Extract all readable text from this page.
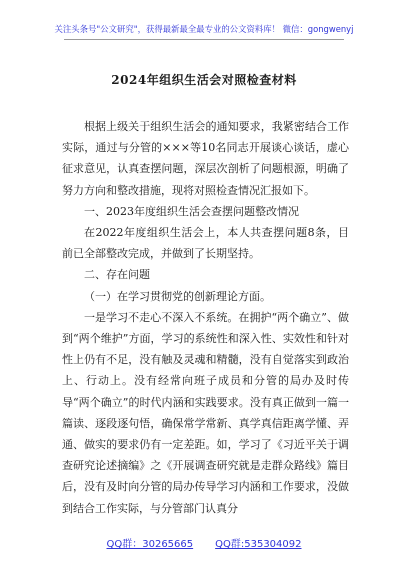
关注头条号"公文研究"，获得最新最全最专业的公文资料库！ 微信：gongwenyj
2024年组织生活会对照检查材料

根据上级关于组织生活会的通知要求，我紧密结合工作实际，通过与分管的×××等10名同志开展谈心谈话，虚心征求意见，认真查摆问题，深层次剖析了问题根源，明确了努力方向和整改措施，现将对照检查情况汇报如下。

一、2023年度组织生活会查摆问题整改情况

在2022年度组织生活会上，本人共查摆问题8条，目前已全部整改完成，并做到了长期坚持。

二、存在问题

（一）在学习贯彻党的创新理论方面。

一是学习不走心不深入不系统。在拥护“两个确立”、做到“两个维护”方面，学习的系统性和深入性、实效性和针对性上仍有不足，没有触及灵魂和精髓，没有自觉落实到政治上、行动上。没有经常向班子成员和分管的局办及时传导“两个确立”的时代内涵和实践要求。没有真正做到一篇一篇读、逐段逐句悟，确保常学常新、真学真信距离学懂、弄通、做实的要求仍有一定差距。如，学习了《习近平关于调查研究论述摘编》之《开展调查研究就是走群众路线》篇目后，没有及时向分管的局办传导学习内涵和工作要求，没做到结合工作实际，与分管部门认真分

QQ群：30265665 QQ群:535304092
